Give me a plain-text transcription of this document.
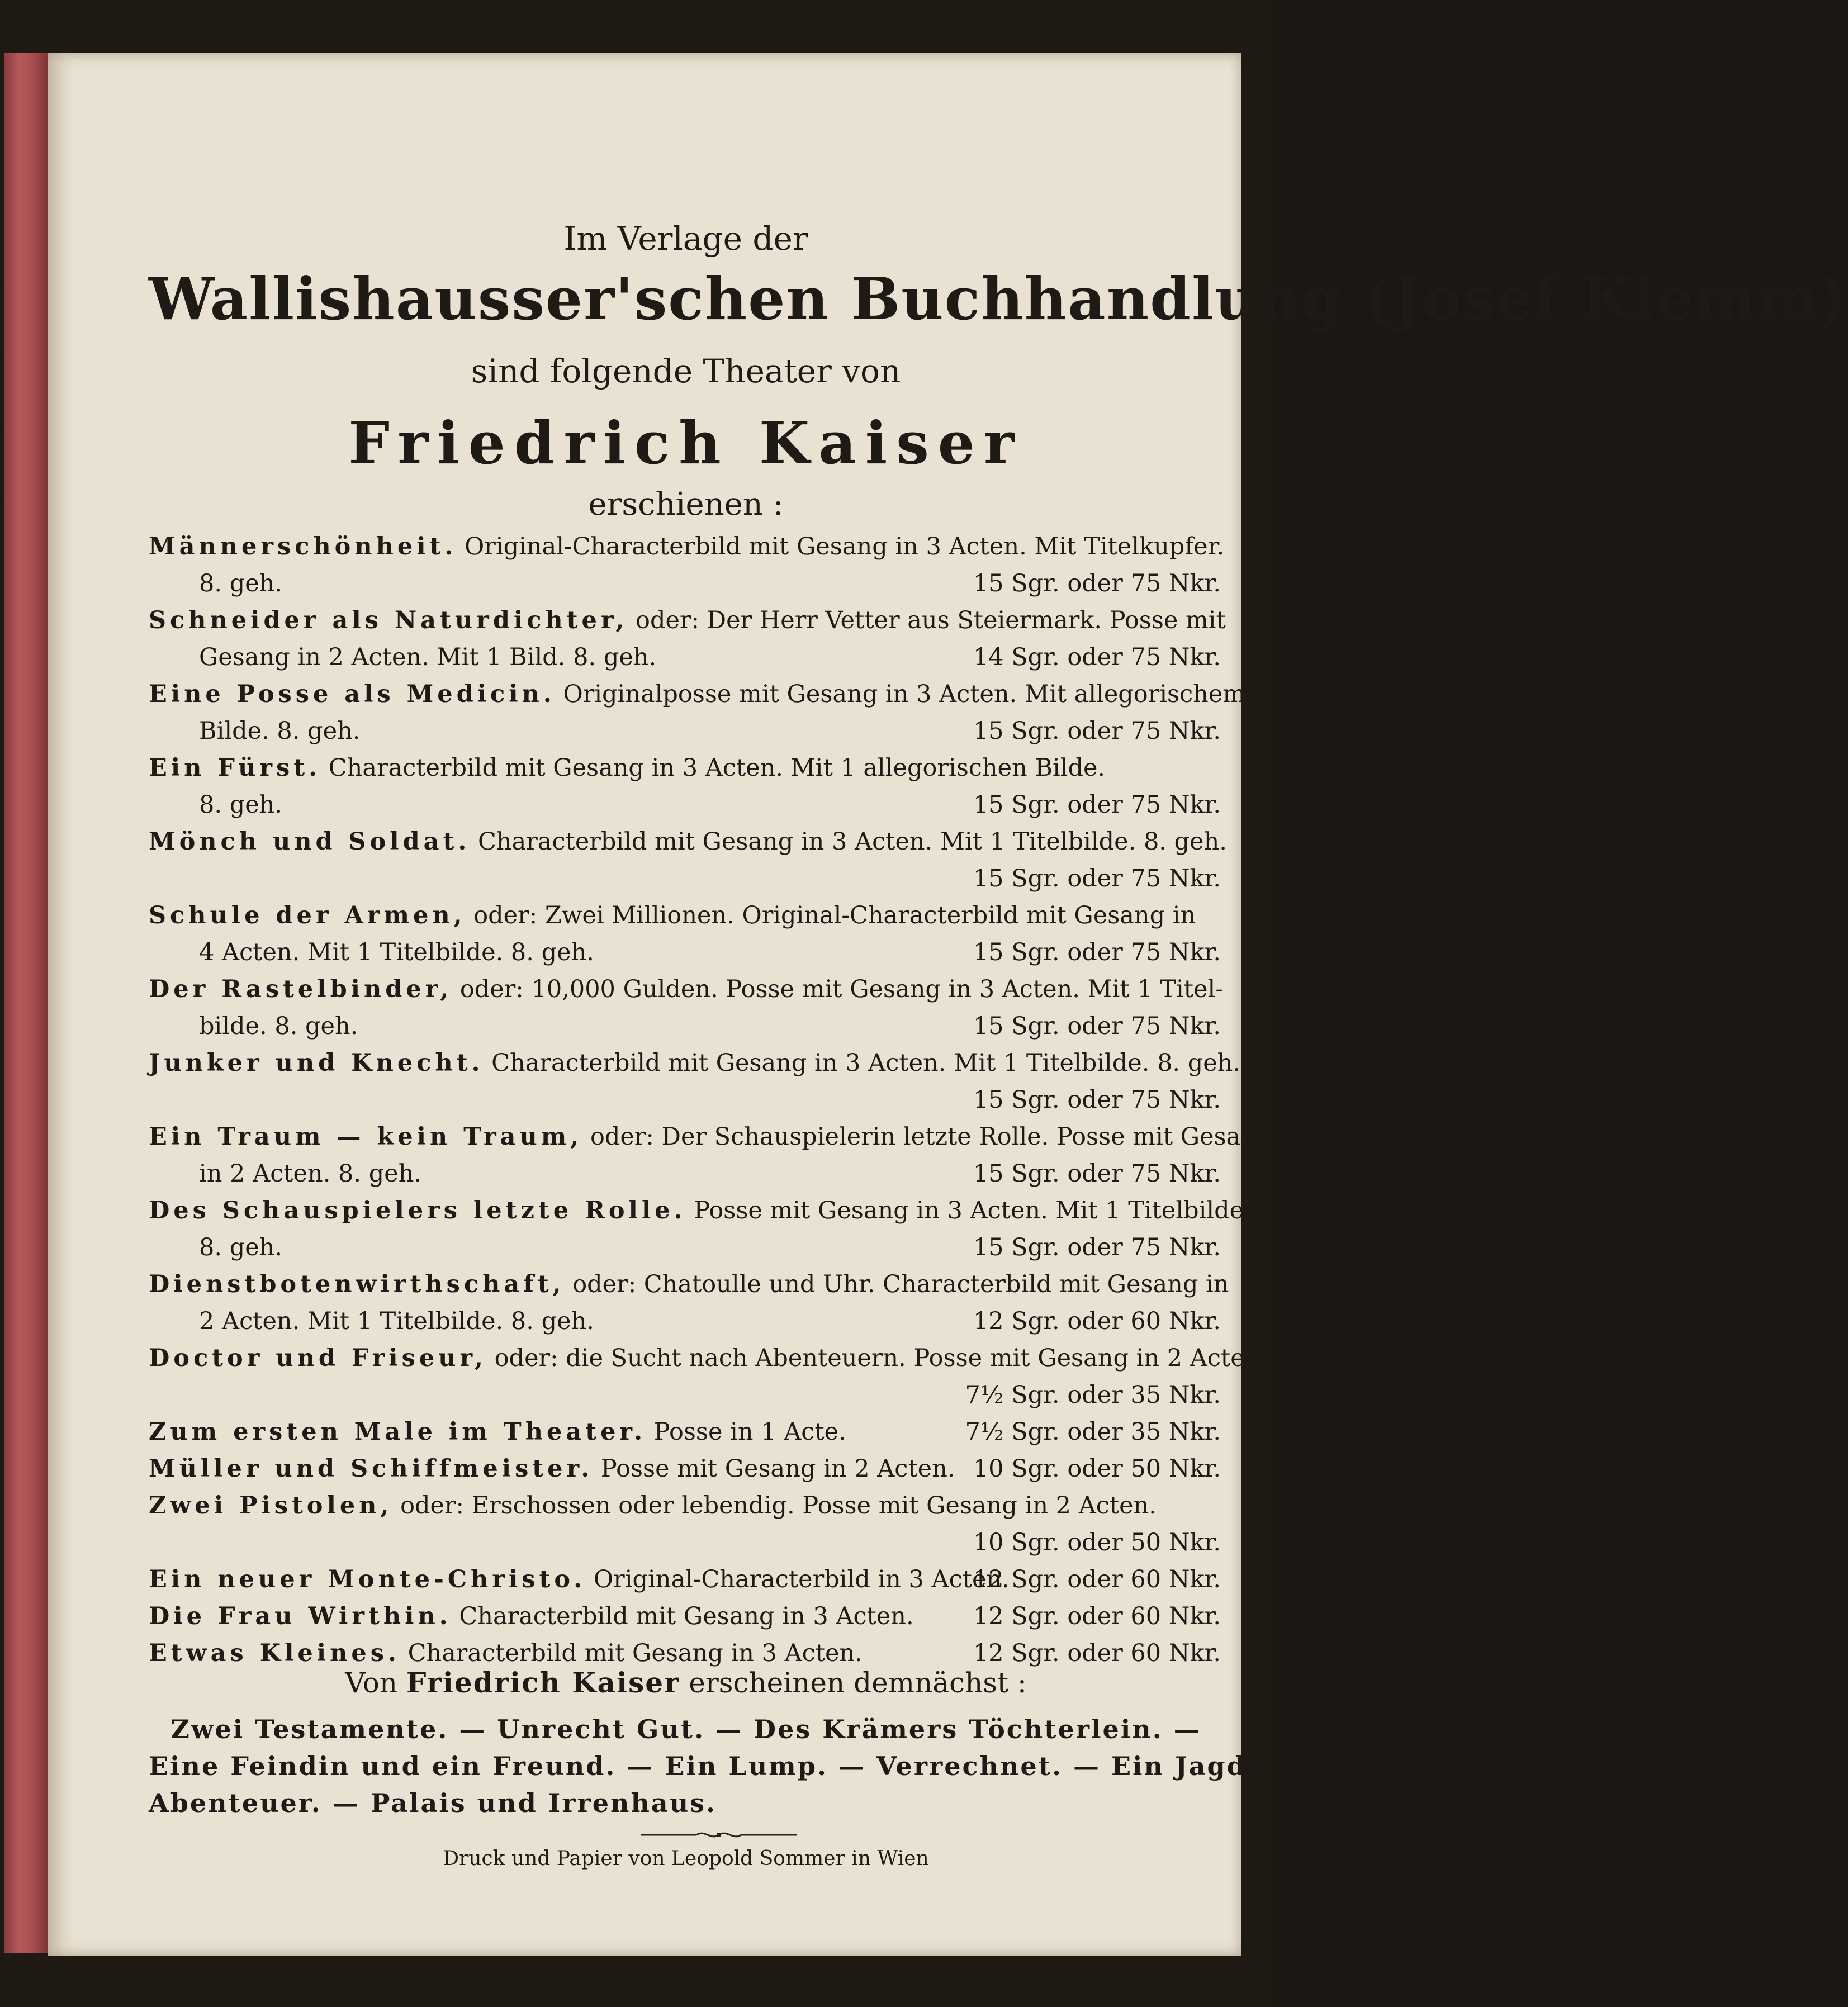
Im Verlage der
Wallishausser'schen Buchhandlung (Josef Klemm)
sind folgende Theater von
Friedrich Kaiser
erschienen :
Männerschönheit. Original-Characterbild mit Gesang in 3 Acten. Mit Titelkupfer.
8. geh.	15 Sgr. oder 75 Nkr.
Schneider als Naturdichter, oder: Der Herr Vetter aus Steiermark. Posse mit
Gesang in 2 Acten. Mit 1 Bild. 8. geh.	14 Sgr. oder 75 Nkr.
Eine Posse als Medicin. Originalposse mit Gesang in 3 Acten. Mit allegorischem
Bilde. 8. geh.	15 Sgr. oder 75 Nkr.
Ein Fürst. Characterbild mit Gesang in 3 Acten. Mit 1 allegorischen Bilde.
8. geh.	15 Sgr. oder 75 Nkr.
Mönch und Soldat. Characterbild mit Gesang in 3 Acten. Mit 1 Titelbilde. 8. geh.
15 Sgr. oder 75 Nkr.
Schule der Armen, oder: Zwei Millionen. Original-Characterbild mit Gesang in
4 Acten. Mit 1 Titelbilde. 8. geh.	15 Sgr. oder 75 Nkr.
Der Rastelbinder, oder: 10,000 Gulden. Posse mit Gesang in 3 Acten. Mit 1 Titel-
bilde. 8. geh.	15 Sgr. oder 75 Nkr.
Junker und Knecht. Characterbild mit Gesang in 3 Acten. Mit 1 Titelbilde. 8. geh.
15 Sgr. oder 75 Nkr.
Ein Traum — kein Traum, oder: Der Schauspielerin letzte Rolle. Posse mit Gesang
in 2 Acten. 8. geh.	15 Sgr. oder 75 Nkr.
Des Schauspielers letzte Rolle. Posse mit Gesang in 3 Acten. Mit 1 Titelbilde.
8. geh.	15 Sgr. oder 75 Nkr.
Dienstbotenwirthschaft, oder: Chatoulle und Uhr. Characterbild mit Gesang in
2 Acten. Mit 1 Titelbilde. 8. geh.	12 Sgr. oder 60 Nkr.
Doctor und Friseur, oder: die Sucht nach Abenteuern. Posse mit Gesang in 2 Acten.
7½ Sgr. oder 35 Nkr.
Zum ersten Male im Theater. Posse in 1 Acte.	7½ Sgr. oder 35 Nkr.
Müller und Schiffmeister. Posse mit Gesang in 2 Acten. 10 Sgr. oder 50 Nkr.
Zwei Pistolen, oder: Erschossen oder lebendig. Posse mit Gesang in 2 Acten.
10 Sgr. oder 50 Nkr.
Ein neuer Monte-Christo. Original-Characterbild in 3 Acten.
12 Sgr. oder 60 Nkr.
Die Frau Wirthin. Characterbild mit Gesang in 3 Acten. 12 Sgr. oder 60 Nkr.
Etwas Kleines. Characterbild mit Gesang in 3 Acten.	12 Sgr. oder 60 Nkr.
Von Friedrich Kaiser erscheinen demnächst :
Zwei Testamente. — Unrecht Gut. — Des Krämers Töchterlein. —
Eine Feindin und ein Freund. — Ein Lump. — Verrechnet. — Ein Jagd.
Abenteuer. — Palais und Irrenhaus.
Druck und Papier von Leopold Sommer in Wien
